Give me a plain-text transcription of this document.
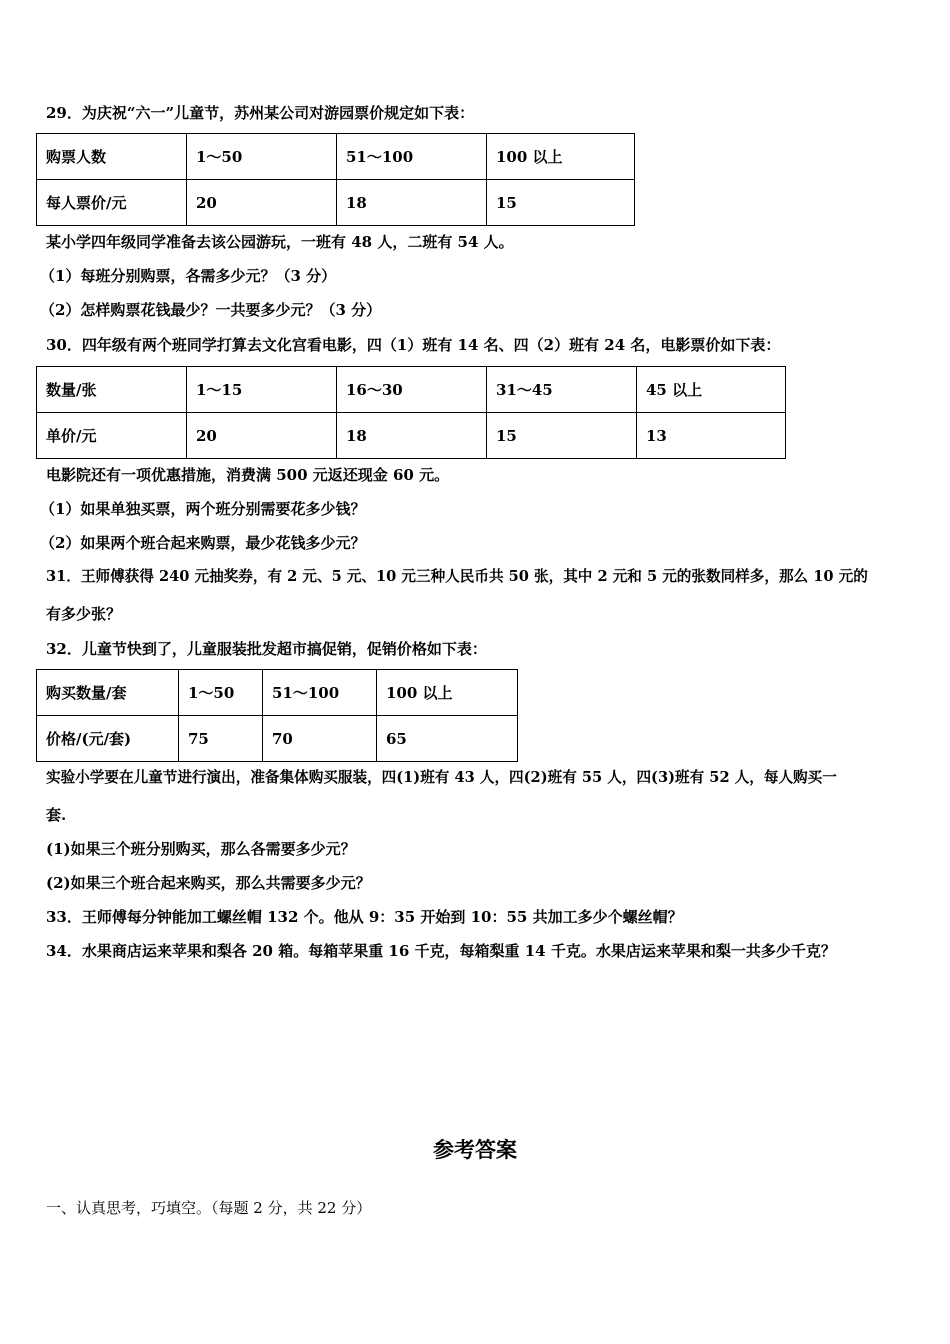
29．为庆祝“六一”儿童节，苏州某公司对游园票价规定如下表：
购票人数	1～50	51～100	100 以上
每人票价/元	20	18	15
某小学四年级同学准备去该公园游玩，一班有 48 人，二班有 54 人。
（1）每班分别购票，各需多少元？（3 分）
（2）怎样购票花钱最少？一共要多少元？（3 分）
30．四年级有两个班同学打算去文化宫看电影，四（1）班有 14 名、四（2）班有 24 名，电影票价如下表：
数量/张	1～15	16～30	31～45	45 以上
单价/元	20	18	15	13
电影院还有一项优惠措施，消费满 500 元返还现金 60 元。
（1）如果单独买票，两个班分别需要花多少钱？
（2）如果两个班合起来购票，最少花钱多少元？
31．王师傅获得 240 元抽奖券，有 2 元、5 元、10 元三种人民币共 50 张，其中 2 元和 5 元的张数同样多，那么 10 元的
有多少张？
32．儿童节快到了，儿童服装批发超市搞促销，促销价格如下表：
购买数量/套	1～50	51～100	100 以上
价格/(元/套)	75	70	65
实验小学要在儿童节进行演出，准备集体购买服装，四(1)班有 43 人，四(2)班有 55 人，四(3)班有 52 人，每人购买一
套.
(1)如果三个班分别购买，那么各需要多少元？
(2)如果三个班合起来购买，那么共需要多少元？
33．王师傅每分钟能加工螺丝帽 132 个。他从 9：35 开始到 10：55 共加工多少个螺丝帽？
34．水果商店运来苹果和梨各 20 箱。每箱苹果重 16 千克，每箱梨重 14 千克。水果店运来苹果和梨一共多少千克？
参考答案
一、认真思考，巧填空。（每题 2 分，共 22 分）
